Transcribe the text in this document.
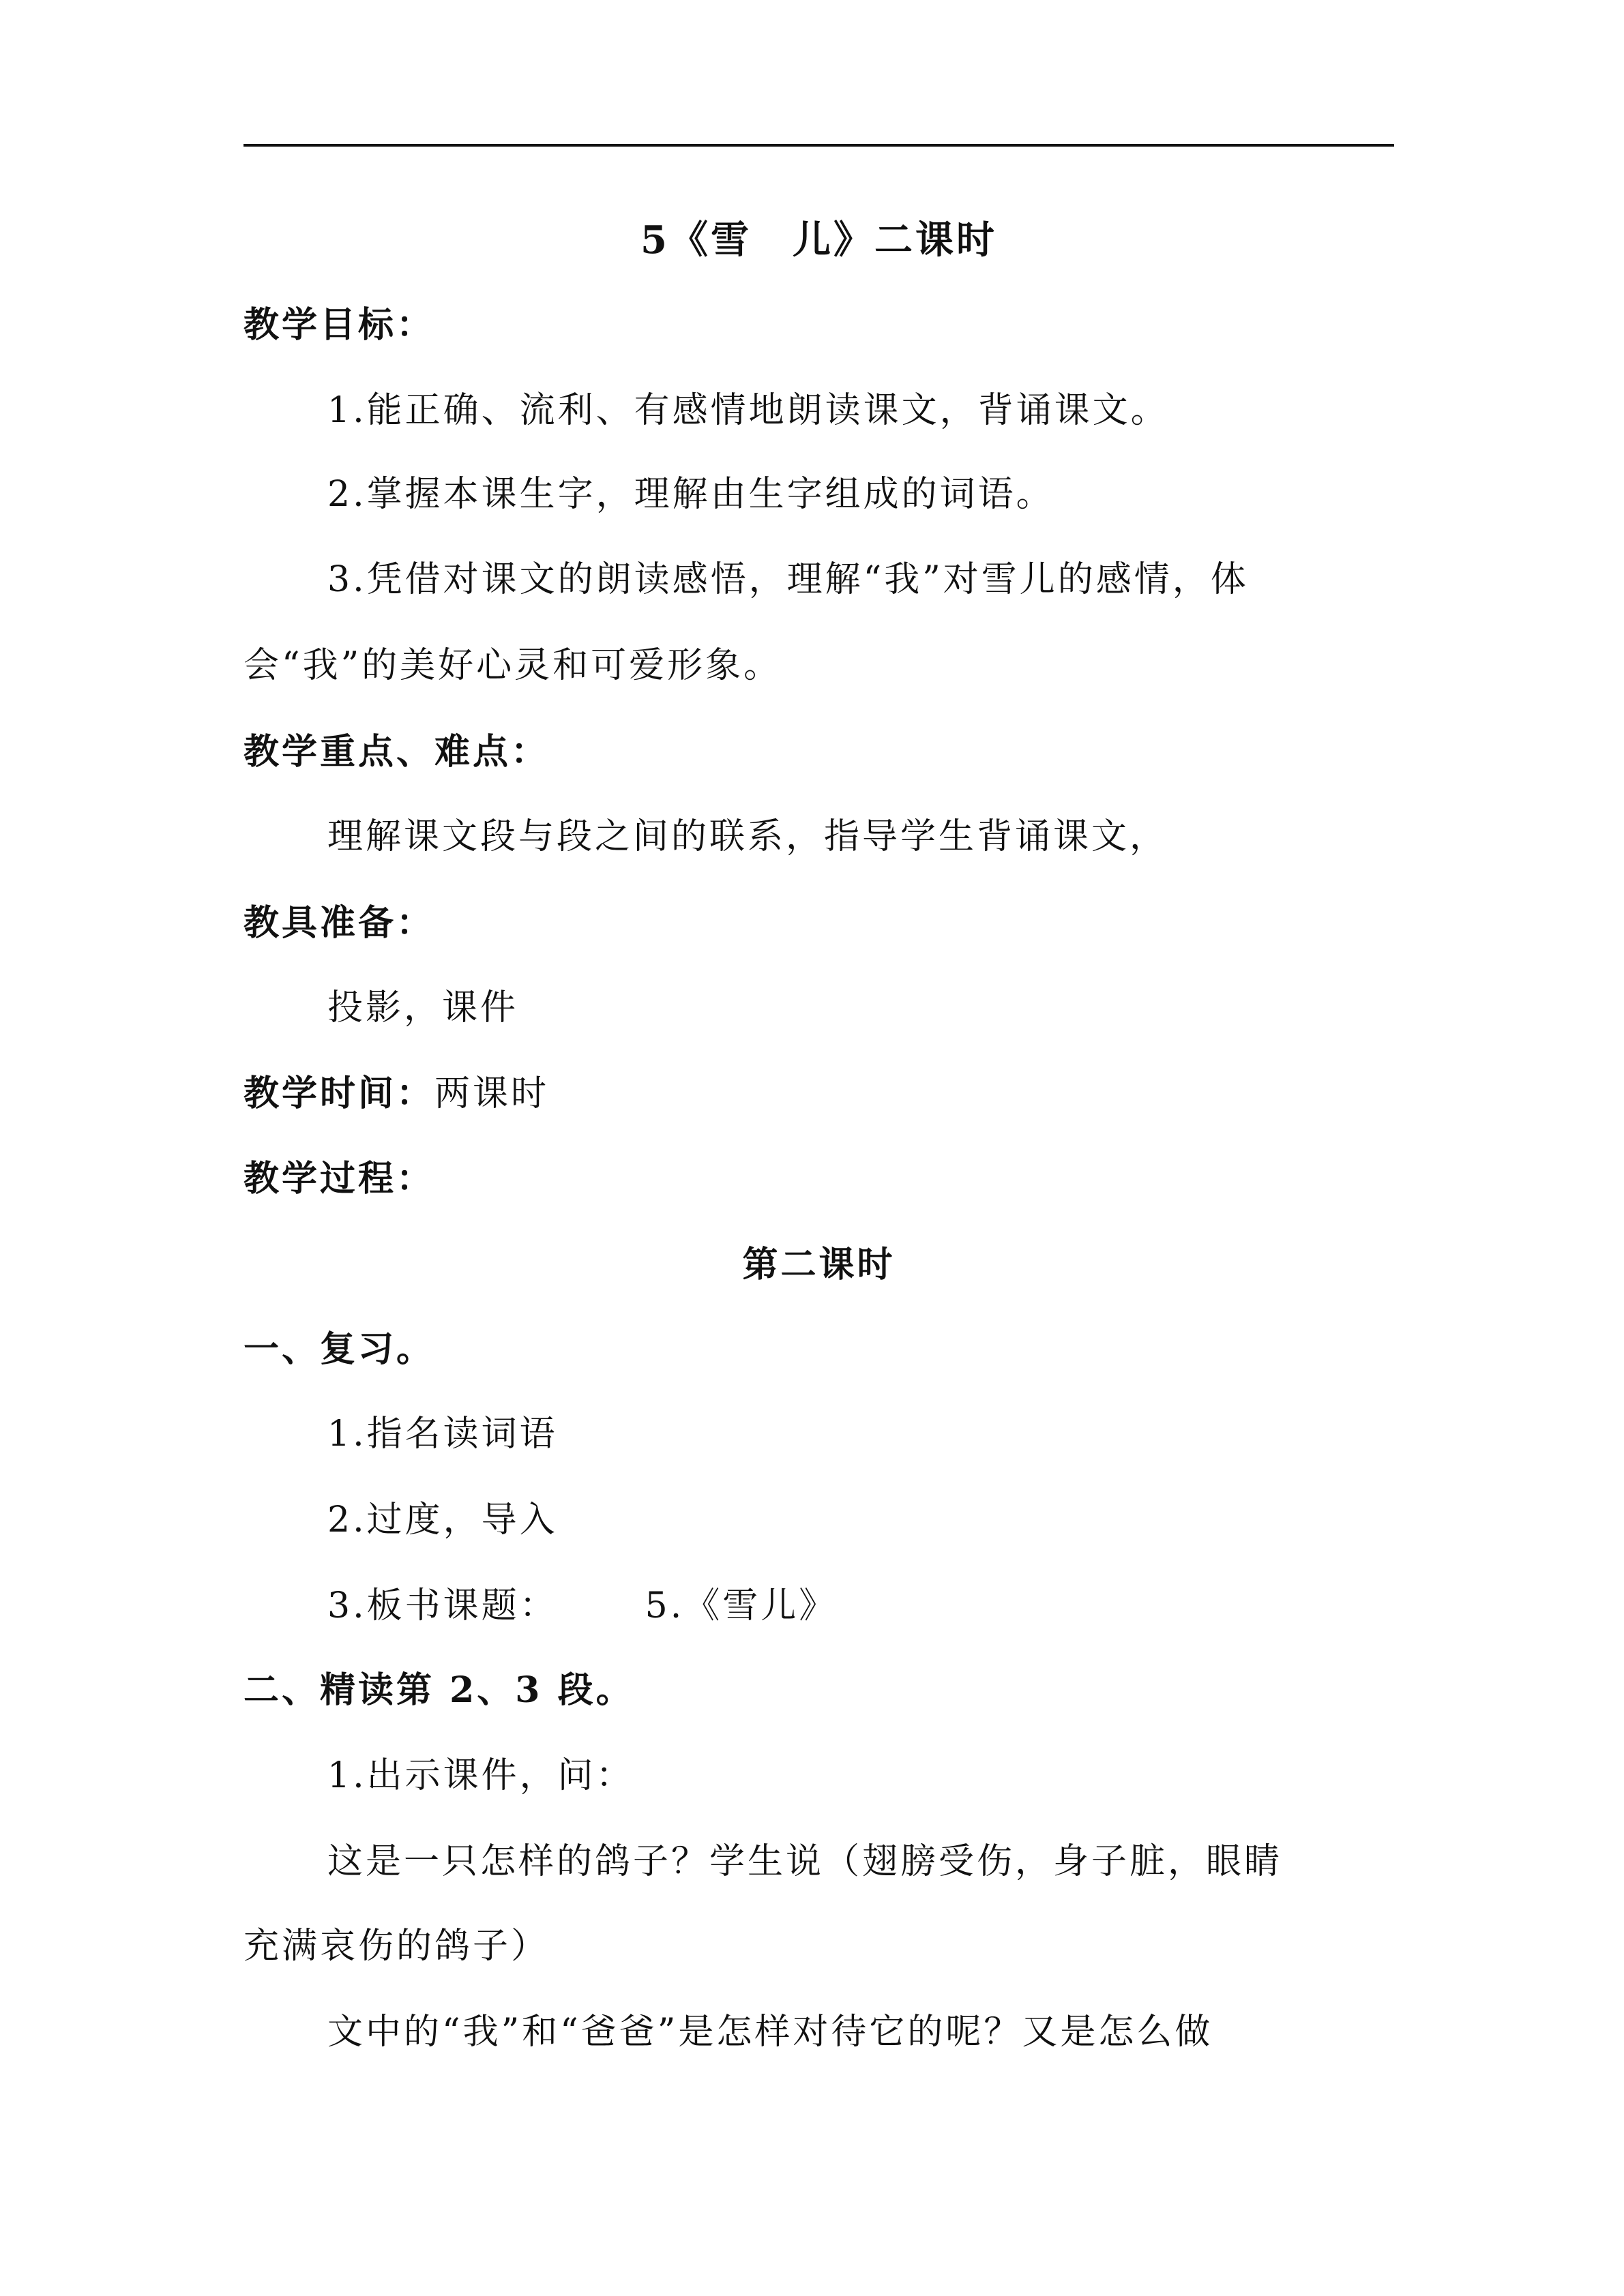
5《雪　儿》二课时
教学目标：
1.能正确、流利、有感情地朗读课文，背诵课文。
2.掌握本课生字，理解由生字组成的词语。
3.凭借对课文的朗读感悟，理解“我”对雪儿的感情，体
会“我”的美好心灵和可爱形象。
教学重点、难点：
理解课文段与段之间的联系，指导学生背诵课文，
教具准备：
投影，课件
教学时间：两课时
教学过程：
第二课时
一、复习。
1.指名读词语
2.过度，导入
3.板书课题： 5.《雪儿》
二、精读第 2、3 段。
1.出示课件，问：
这是一只怎样的鸽子？学生说（翅膀受伤，身子脏，眼睛
充满哀伤的鸽子）
文中的“我”和“爸爸”是怎样对待它的呢？又是怎么做
